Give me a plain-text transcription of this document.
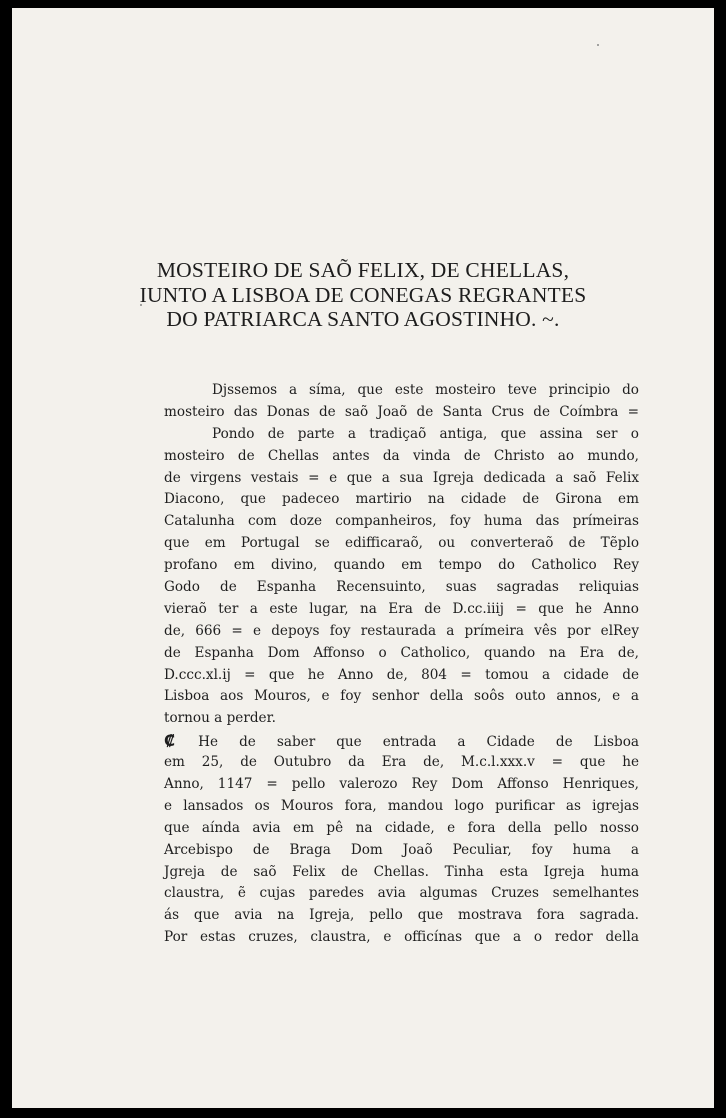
MOSTEIRO DE SAÕ FELIX, DE CHELLAS,
IUNTO A LISBOA DE CONEGAS REGRANTES
DO PATRIARCA SANTO AGOSTINHO. ~.
Djssemos a síma, que este mosteiro teve principio do
mosteiro das Donas de saõ Joaõ de Santa Crus de Coímbra =
Pondo de parte a tradiçaõ antiga, que assina ser o
mosteiro de Chellas antes da vinda de Christo ao mundo,
de virgens vestais = e que a sua Igreja dedicada a saõ Felix
Diacono, que padeceo martirio na cidade de Girona em
Catalunha com doze companheiros, foy huma das prímeiras
que em Portugal se edifficaraõ, ou converteraõ de Tẽplo
profano em divino, quando em tempo do Catholico Rey
Godo de Espanha Recensuinto, suas sagradas reliquias
vieraõ ter a este lugar, na Era de D.cc.iiij = que he Anno
de, 666 = e depoys foy restaurada a prímeira vês por elRey
de Espanha Dom Affonso o Catholico, quando na Era de,
D.ccc.xl.ij = que he Anno de, 804 = tomou a cidade de
Lisboa aos Mouros, e foy senhor della soôs outo annos, e a
tornou a perder.
₡ He de saber que entrada a Cidade de Lisboa
em 25, de Outubro da Era de, M.c.l.xxx.v = que he
Anno, 1147 = pello valerozo Rey Dom Affonso Henriques,
e lansados os Mouros fora, mandou logo purificar as igrejas
que aínda avia em pê na cidade, e fora della pello nosso
Arcebispo de Braga Dom Joaõ Peculiar, foy huma a
Jgreja de saõ Felix de Chellas. Tinha esta Igreja huma
claustra, ẽ cujas paredes avia algumas Cruzes semelhantes
ás que avia na Igreja, pello que mostrava fora sagrada.
Por estas cruzes, claustra, e officínas que a o redor della
